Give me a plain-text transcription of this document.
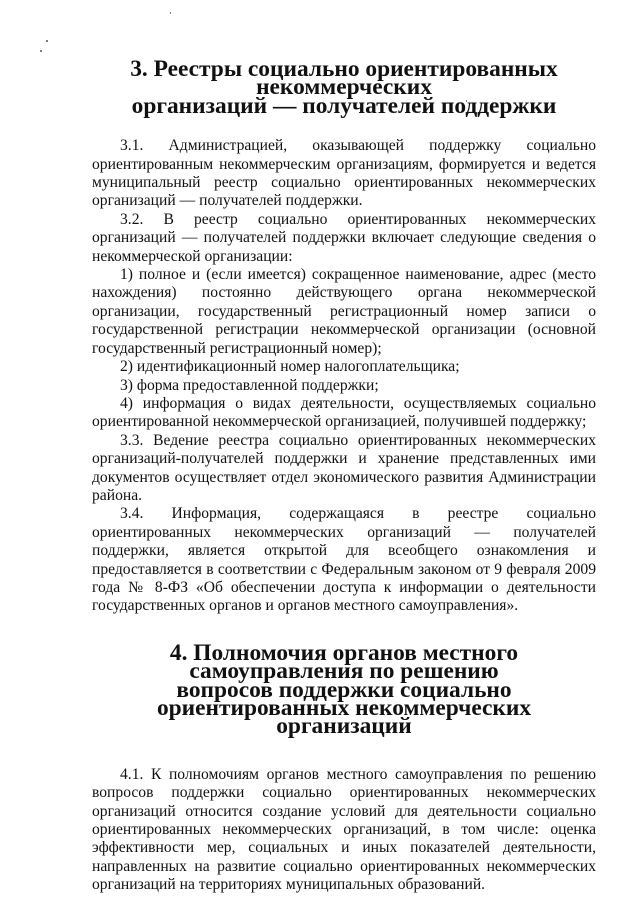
3. Реестры социально ориентированных некоммерческих
организаций — получателей поддержки

3.1. Администрацией, оказывающей поддержку социально ориентированным некоммерческим организациям, формируется и ведется муниципальный реестр социально ориентированных некоммерческих организаций — получателей поддержки.

3.2. В реестр социально ориентированных некоммерческих организаций — получателей поддержки включает следующие сведения о некоммерческой организации:

1) полное и (если имеется) сокращенное наименование, адрес (место нахождения) постоянно действующего органа некоммерческой организации, государственный регистрационный номер записи о государственной регистрации некоммерческой организации (основной государственный регистрационный номер);

2) идентификационный номер налогоплательщика;

3) форма предоставленной поддержки;

4) информация о видах деятельности, осуществляемых социально ориентированной некоммерческой организацией, получившей поддержку;

3.3. Ведение реестра социально ориентированных некоммерческих организаций-получателей поддержки и хранение представленных ими документов осуществляет отдел экономического развития Администрации района.

3.4. Информация, содержащаяся в реестре социально ориентированных некоммерческих организаций — получателей поддержки, является открытой для всеобщего ознакомления и предоставляется в соответствии с Федеральным законом от 9 февраля 2009 года № 8-ФЗ «Об обеспечении доступа к информации о деятельности государственных органов и органов местного самоуправления».

4. Полномочия органов местного самоуправления по решению
вопросов поддержки социально ориентированных некоммерческих
организаций

4.1. К полномочиям органов местного самоуправления по решению вопросов поддержки социально ориентированных некоммерческих организаций относится создание условий для деятельности социально ориентированных некоммерческих организаций, в том числе: оценка эффективности мер, социальных и иных показателей деятельности, направленных на развитие социально ориентированных некоммерческих организаций на территориях муниципальных образований.
